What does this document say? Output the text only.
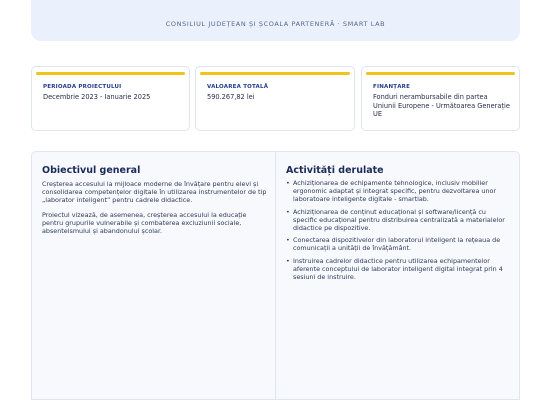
CONSILIUL JUDEȚEAN ȘI ȘCOALA PARTENERĂ · SMART LAB
PERIOADA PROIECTULUI
Decembrie 2023 - Ianuarie 2025
VALOAREA TOTALĂ
590.267,82 lei
FINANȚARE
Fonduri nerambursabile din partea Uniunii Europene - Următoarea Generație UE
Obiectivul general

Creșterea accesului la mijloace moderne de învățare pentru elevi și consolidarea competențelor digitale în utilizarea instrumentelor de tip „laborator inteligent” pentru cadrele didactice.

Proiectul vizează, de asemenea, creșterea accesului la educație pentru grupurile vulnerabile și combaterea excluziunii sociale, absenteismului și abandonului școlar.

Activități derulate
• Achiziționarea de echipamente tehnologice, inclusiv mobilier ergonomic adaptat și integrat specific, pentru dezvoltarea unor laboratoare inteligente digitale - smartlab.
• Achiziționarea de conținut educațional și software/licență cu specific educațional pentru distribuirea centralizată a materialelor didactice pe dispozitive.
• Conectarea dispozitivelor din laboratorul inteligent la rețeaua de comunicații a unității de învățământ.
• Instruirea cadrelor didactice pentru utilizarea echipamentelor aferente conceptului de laborator inteligent digital integrat prin 4 sesiuni de instruire.
